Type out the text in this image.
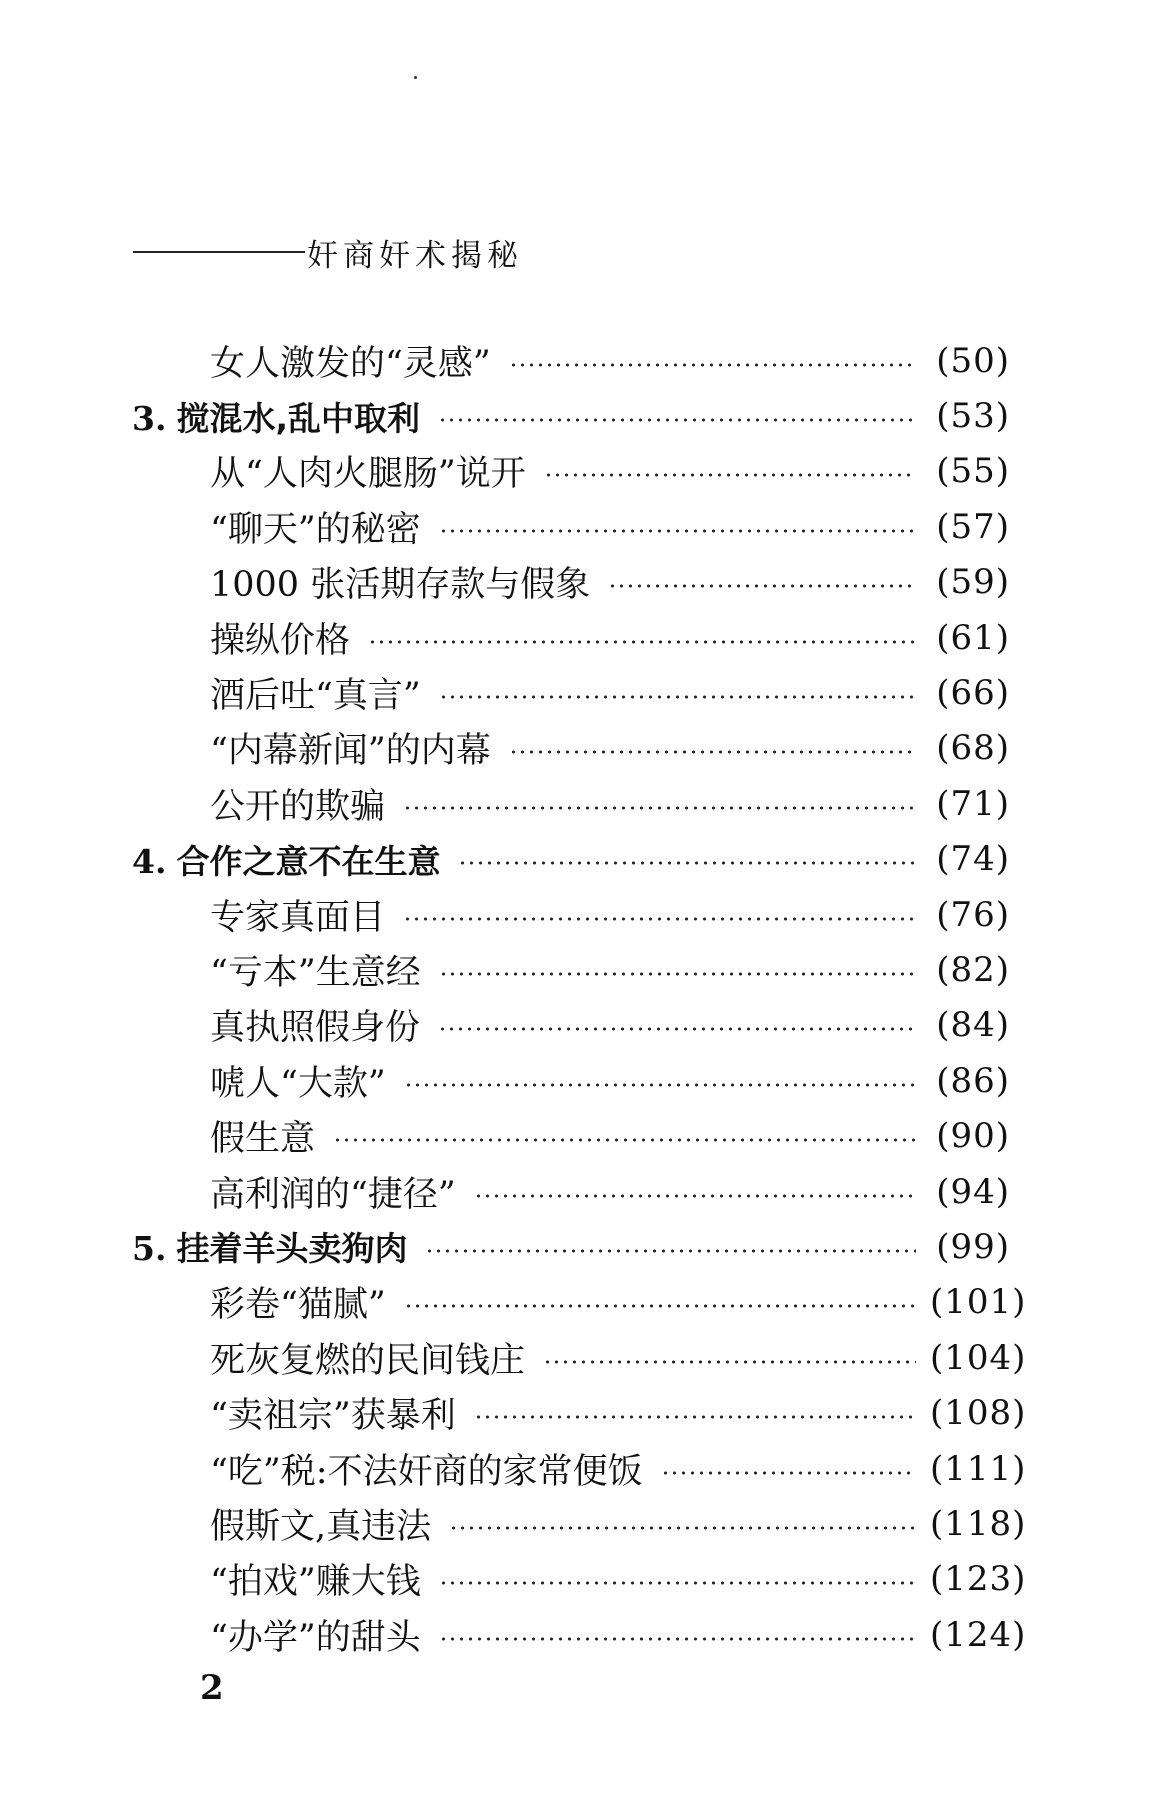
奸商奸术揭秘
女人激发的“灵感”	(50)
3. 搅混水,乱中取利	(53)
从“人肉火腿肠”说开	(55)
“聊天”的秘密	(57)
1000 张活期存款与假象	(59)
操纵价格	(61)
酒后吐“真言”	(66)
“内幕新闻”的内幕	(68)
公开的欺骗	(71)
4. 合作之意不在生意	(74)
专家真面目	(76)
“亏本”生意经	(82)
真执照假身份	(84)
唬人“大款”	(86)
假生意	(90)
高利润的“捷径”	(94)
5. 挂着羊头卖狗肉	(99)
彩卷“猫腻”	(101)
死灰复燃的民间钱庄	(104)
“卖祖宗”获暴利	(108)
“吃”税:不法奸商的家常便饭	(111)
假斯文,真违法	(118)
“拍戏”赚大钱	(123)
“办学”的甜头	(124)
2
